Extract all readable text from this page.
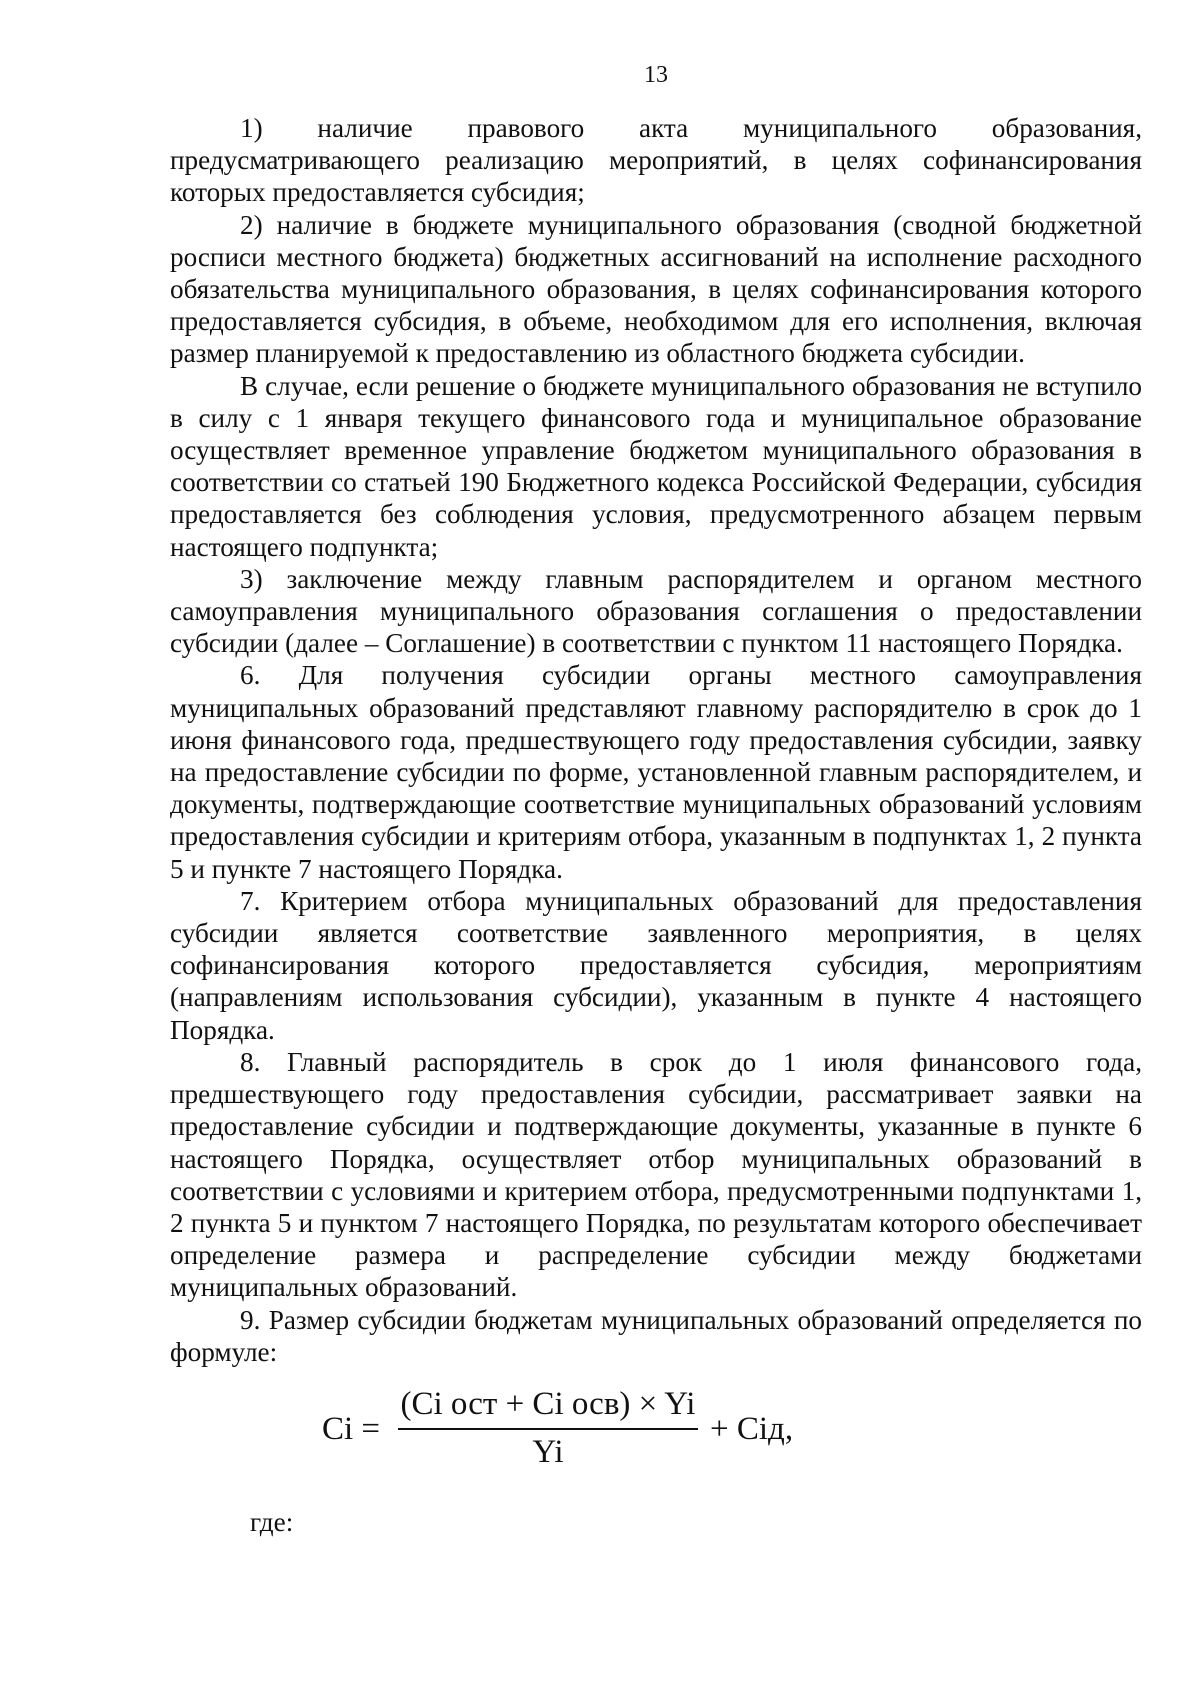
13

1) наличие правового акта муниципального образования, предусматривающего реализацию мероприятий, в целях софинансирования которых предоставляется субсидия;

2) наличие в бюджете муниципального образования (сводной бюджетной росписи местного бюджета) бюджетных ассигнований на исполнение расходного обязательства муниципального образования, в целях софинансирования которого предоставляется субсидия, в объеме, необходимом для его исполнения, включая размер планируемой к предоставлению из областного бюджета субсидии.

В случае, если решение о бюджете муниципального образования не вступило в силу с 1 января текущего финансового года и муниципальное образование осуществляет временное управление бюджетом муниципального образования в соответствии со статьей 190 Бюджетного кодекса Российской Федерации, субсидия предоставляется без соблюдения условия, предусмотренного абзацем первым настоящего подпункта;

3) заключение между главным распорядителем и органом местного самоуправления муниципального образования соглашения о предоставлении субсидии (далее – Соглашение) в соответствии с пунктом 11 настоящего Порядка.

6. Для получения субсидии органы местного самоуправления муниципальных образований представляют главному распорядителю в срок до 1 июня финансового года, предшествующего году предоставления субсидии, заявку на предоставление субсидии по форме, установленной главным распорядителем, и документы, подтверждающие соответствие муниципальных образований условиям предоставления субсидии и критериям отбора, указанным в подпунктах 1, 2 пункта 5 и пункте 7 настоящего Порядка.

7. Критерием отбора муниципальных образований для предоставления субсидии является соответствие заявленного мероприятия, в целях софинансирования которого предоставляется субсидия, мероприятиям (направлениям использования субсидии), указанным в пункте 4 настоящего Порядка.

8. Главный распорядитель в срок до 1 июля финансового года, предшествующего году предоставления субсидии, рассматривает заявки на предоставление субсидии и подтверждающие документы, указанные в пункте 6 настоящего Порядка, осуществляет отбор муниципальных образований в соответствии с условиями и критерием отбора, предусмотренными подпунктами 1, 2 пункта 5 и пунктом 7 настоящего Порядка, по результатам которого обеспечивает определение размера и распределение субсидии между бюджетами муниципальных образований.

9. Размер субсидии бюджетам муниципальных образований определяется по формуле:

Ci =
(Ci ост + Ci осв) × Yi
Yi
+ Ciд,
где:
